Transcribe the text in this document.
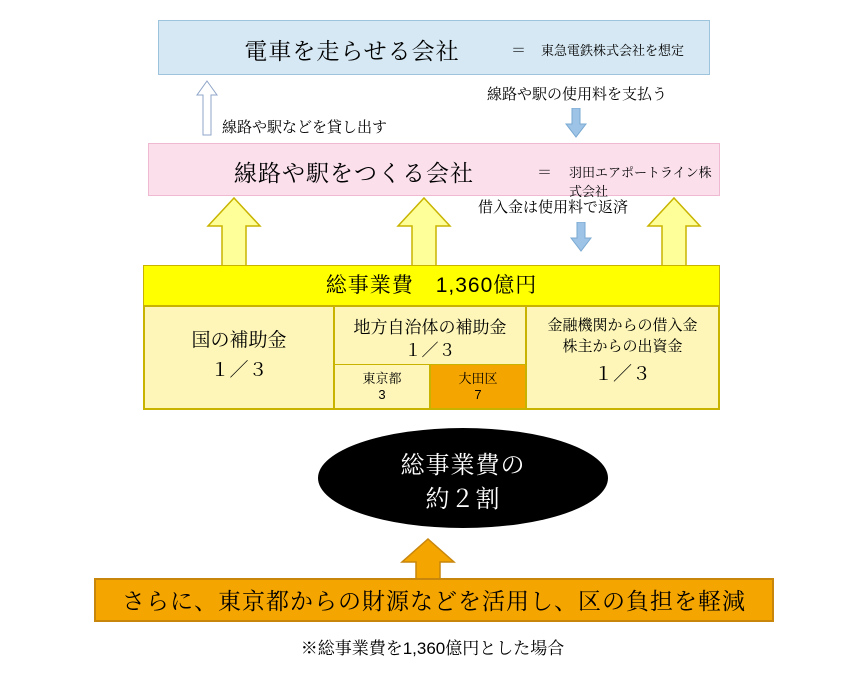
電車を走らせる会社	＝ 東急電鉄株式会社を想定
線路や駅の使用料を支払う
線路や駅などを貸し出す
線路や駅をつくる会社	＝ 羽田エアポートライン株式会社
借入金は使用料で返済
総事業費　1,360億円
国の補助金
１／３
地方自治体の補助金
１／３
東京都
3
大田区
7
金融機関からの借入金
株主からの出資金
１／３
総事業費の
約２割
さらに、東京都からの財源などを活用し、区の負担を軽減
※総事業費を1,360億円とした場合
